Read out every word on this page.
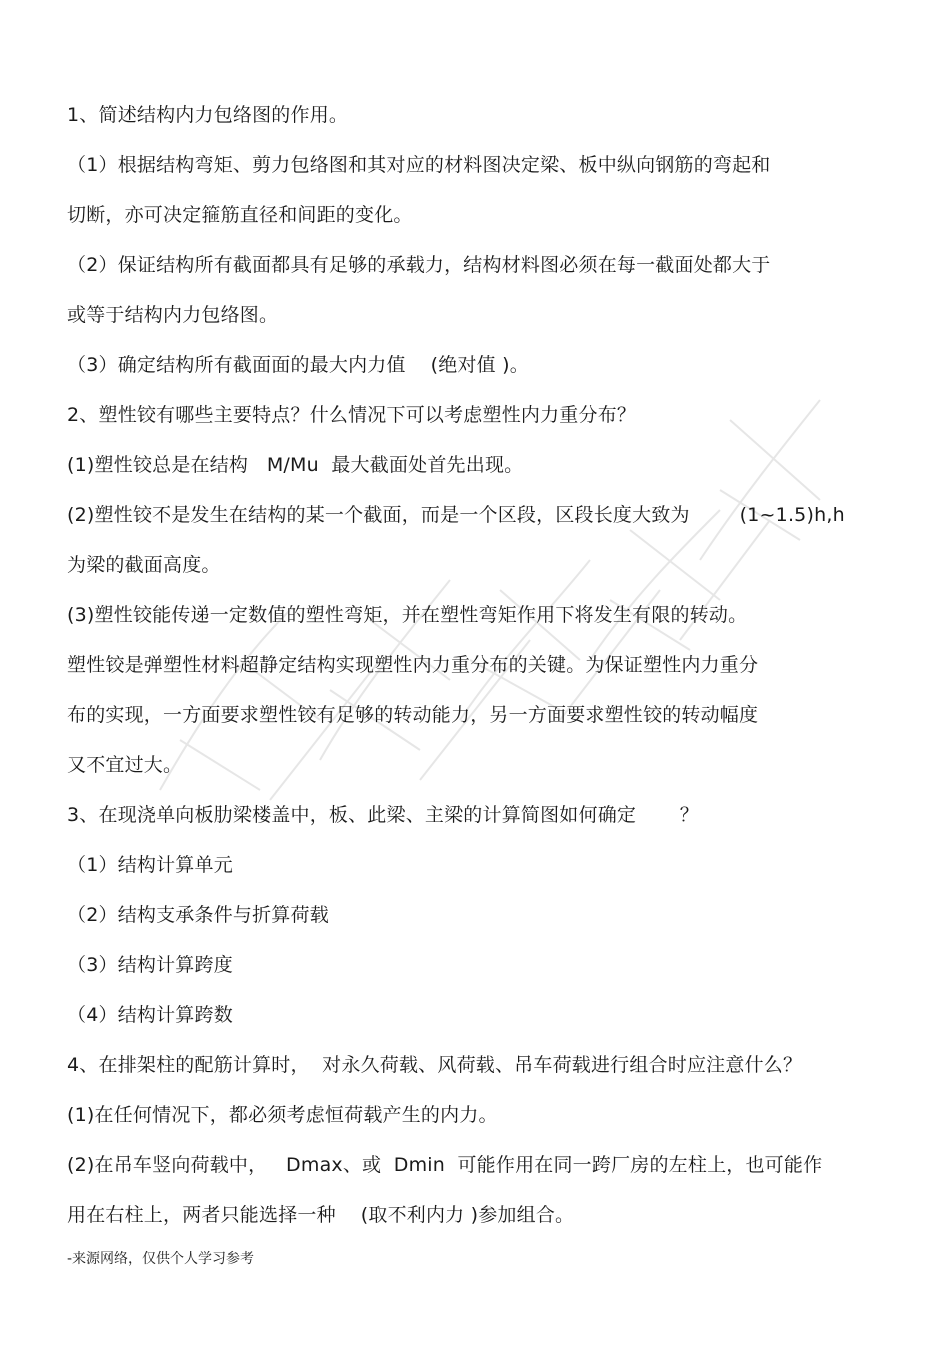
1、简述结构内力包络图的作用。
（1）根据结构弯矩、剪力包络图和其对应的材料图决定梁、板中纵向钢筋的弯起和
切断，亦可决定箍筋直径和间距的变化。
（2）保证结构所有截面都具有足够的承载力，结构材料图必须在每一截面处都大于
或等于结构内力包络图。
（3）确定结构所有截面面的最大内力值    (绝对值 )。
2、塑性铰有哪些主要特点？什么情况下可以考虑塑性内力重分布？
(1)塑性铰总是在结构   M/Mu  最大截面处首先出现。
(2)塑性铰不是发生在结构的某一个截面，而是一个区段，区段长度大致为        (1~1.5)h,h
为梁的截面高度。
(3)塑性铰能传递一定数值的塑性弯矩，并在塑性弯矩作用下将发生有限的转动。
塑性铰是弹塑性材料超静定结构实现塑性内力重分布的关键。为保证塑性内力重分
布的实现，一方面要求塑性铰有足够的转动能力，另一方面要求塑性铰的转动幅度
又不宜过大。
3、在现浇单向板肋梁楼盖中，板、此梁、主梁的计算简图如何确定       ？
（1）结构计算单元
（2）结构支承条件与折算荷载
（3）结构计算跨度
（4）结构计算跨数
4、在排架柱的配筋计算时，  对永久荷载、风荷载、吊车荷载进行组合时应注意什么？
(1)在任何情况下，都必须考虑恒荷载产生的内力。
(2)在吊车竖向荷载中，   Dmax、或  Dmin  可能作用在同一跨厂房的左柱上，也可能作
用在右柱上，两者只能选择一种    (取不利内力 )参加组合。
-来源网络，仅供个人学习参考
